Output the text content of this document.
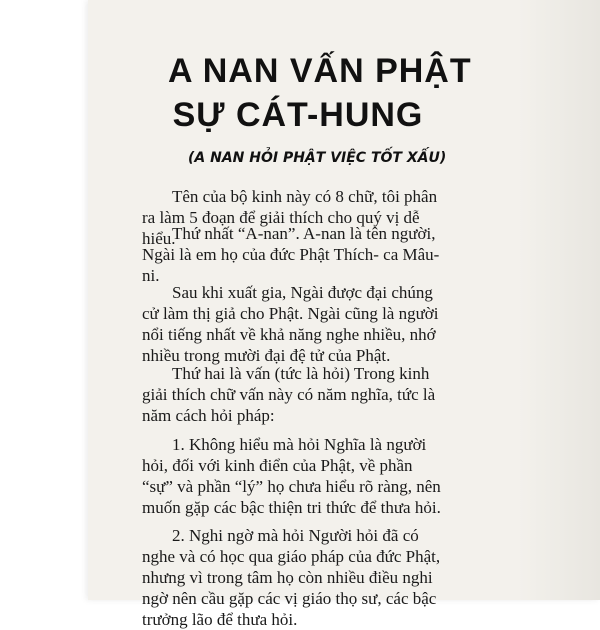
A NAN VẤN PHẬT
SỰ CÁT-HUNG
(A NAN HỎI PHẬT VIỆC TỐT XẤU)
Tên của bộ kinh này có 8 chữ, tôi phân ra làm 5 đoạn để giải thích cho quý vị dễ hiểu.
Thứ nhất “A-nan”. A-nan là tên người, Ngài là em họ của đức Phật Thích- ca Mâu- ni.
Sau khi xuất gia, Ngài được đại chúng cử làm thị giả cho Phật. Ngài cũng là người nổi tiếng nhất về khả năng nghe nhiều, nhớ nhiều trong mười đại đệ tử của Phật.
Thứ hai là vấn (tức là hỏi) Trong kinh giải thích chữ vấn này có năm nghĩa, tức là năm cách hỏi pháp:
1. Không hiểu mà hỏi Nghĩa là người hỏi, đối với kinh điển của Phật, về phần “sự” và phần “lý” họ chưa hiểu rõ ràng, nên muốn gặp các bậc thiện tri thức để thưa hỏi.
2. Nghi ngờ mà hỏi Người hỏi đã có nghe và có học qua giáo pháp của đức Phật, nhưng vì trong tâm họ còn nhiều điều nghi ngờ nên cầu gặp các vị giáo thọ sư, các bậc trưởng lão để thưa hỏi.
